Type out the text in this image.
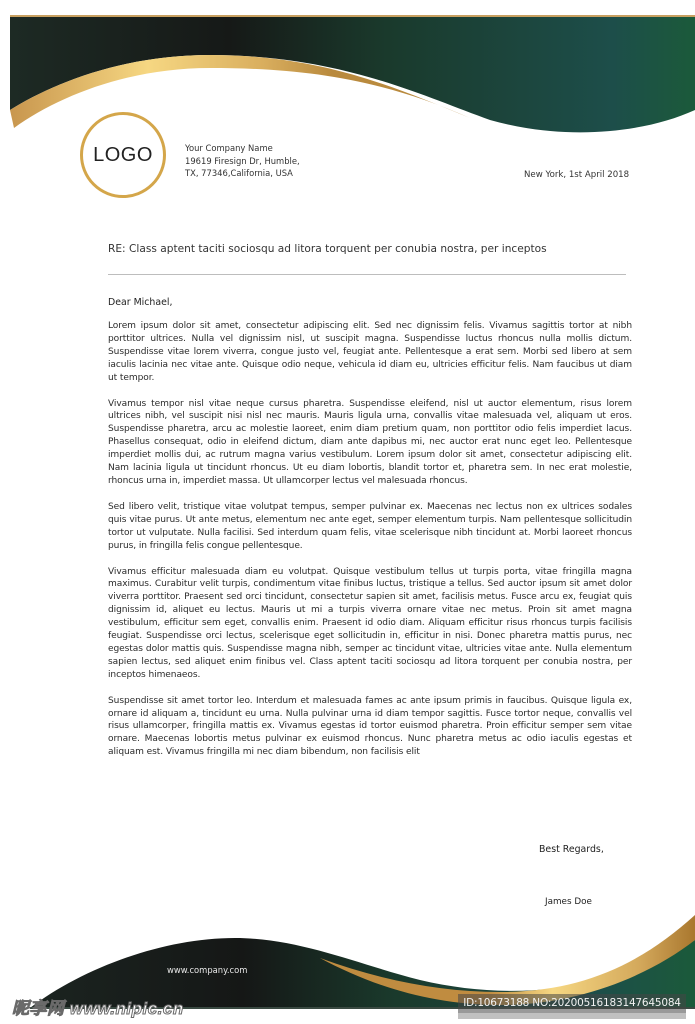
LOGO	Your Company Name
19619 Firesign Dr, Humble,
TX, 77346,California, USA	New York, 1st April 2018
RE: Class aptent taciti sociosqu ad litora torquent per conubia nostra, per inceptos
Dear Michael,

Lorem ipsum dolor sit amet, consectetur adipiscing elit. Sed nec dignissim felis. Vivamus sagittis tortor at nibh porttitor ultrices. Nulla vel dignissim nisl, ut suscipit magna. Suspendisse luctus rhoncus nulla mollis dictum. Suspendisse vitae lorem viverra, congue justo vel, feugiat ante. Pellentesque a erat sem. Morbi sed libero at sem iaculis lacinia nec vitae ante. Quisque odio neque, vehicula id diam eu, ultricies efficitur felis. Nam faucibus ut diam ut tempor.

Vivamus tempor nisl vitae neque cursus pharetra. Suspendisse eleifend, nisl ut auctor elementum, risus lorem ultrices nibh, vel suscipit nisi nisl nec mauris. Mauris ligula urna, convallis vitae malesuada vel, aliquam ut eros. Suspendisse pharetra, arcu ac molestie laoreet, enim diam pretium quam, non porttitor odio felis imperdiet lacus. Phasellus consequat, odio in eleifend dictum, diam ante dapibus mi, nec auctor erat nunc eget leo. Pellentesque imperdiet mollis dui, ac rutrum magna varius vestibulum. Lorem ipsum dolor sit amet, consectetur adipiscing elit. Nam lacinia ligula ut tincidunt rhoncus. Ut eu diam lobortis, blandit tortor et, pharetra sem. In nec erat molestie, rhoncus urna in, imperdiet massa. Ut ullamcorper lectus vel malesuada rhoncus.

Sed libero velit, tristique vitae volutpat tempus, semper pulvinar ex. Maecenas nec lectus non ex ultrices sodales quis vitae purus. Ut ante metus, elementum nec ante eget, semper elementum turpis. Nam pellentesque sollicitudin tortor ut vulputate. Nulla facilisi. Sed interdum quam felis, vitae scelerisque nibh tincidunt at. Morbi laoreet rhoncus purus, in fringilla felis congue pellentesque.

Vivamus efficitur malesuada diam eu volutpat. Quisque vestibulum tellus ut turpis porta, vitae fringilla magna maximus. Curabitur velit turpis, condimentum vitae finibus luctus, tristique a tellus. Sed auctor ipsum sit amet dolor viverra porttitor. Praesent sed orci tincidunt, consectetur sapien sit amet, facilisis metus. Fusce arcu ex, feugiat quis dignissim id, aliquet eu lectus. Mauris ut mi a turpis viverra ornare vitae nec metus. Proin sit amet magna vestibulum, efficitur sem eget, convallis enim. Praesent id odio diam. Aliquam efficitur risus rhoncus turpis facilisis feugiat. Suspendisse orci lectus, scelerisque eget sollicitudin in, efficitur in nisi. Donec pharetra mattis purus, nec egestas dolor mattis quis. Suspendisse magna nibh, semper ac tincidunt vitae, ultricies vitae ante. Nulla elementum sapien lectus, sed aliquet enim finibus vel. Class aptent taciti sociosqu ad litora torquent per conubia nostra, per inceptos himenaeos.

Suspendisse sit amet tortor leo. Interdum et malesuada fames ac ante ipsum primis in faucibus. Quisque ligula ex, ornare id aliquam a, tincidunt eu urna. Nulla pulvinar urna id diam tempor sagittis. Fusce tortor neque, convallis vel risus ullamcorper, fringilla mattis ex. Vivamus egestas id tortor euismod pharetra. Proin efficitur semper sem vitae ornare. Maecenas lobortis metus pulvinar ex euismod rhoncus. Nunc pharetra metus ac odio iaculis egestas et aliquam est. Vivamus fringilla mi nec diam bibendum, non facilisis elit

Best Regards,
James Doe
www.company.com
昵享网 www.nipic.cn	ID:10673188 NO:20200516183147645084
